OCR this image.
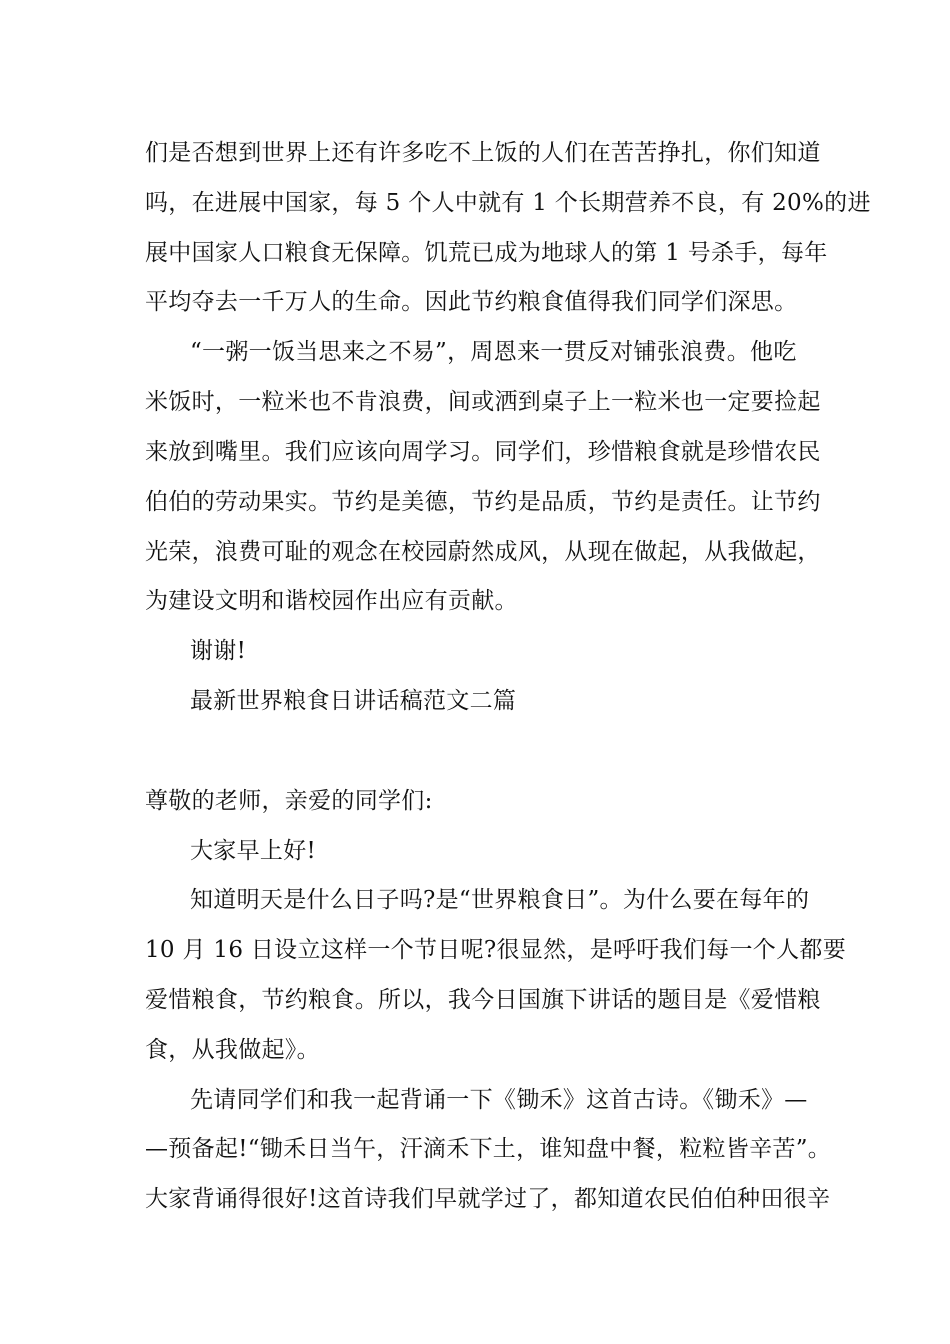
们是否想到世界上还有许多吃不上饭的人们在苦苦挣扎，你们知道
吗，在进展中国家，每 5 个人中就有 1 个长期营养不良，有 20%的进
展中国家人口粮食无保障。饥荒已成为地球人的第 1 号杀手，每年
平均夺去一千万人的生命。因此节约粮食值得我们同学们深思。
“一粥一饭当思来之不易”，周恩来一贯反对铺张浪费。他吃
米饭时，一粒米也不肯浪费，间或洒到桌子上一粒米也一定要捡起
来放到嘴里。我们应该向周学习。同学们，珍惜粮食就是珍惜农民
伯伯的劳动果实。节约是美德，节约是品质，节约是责任。让节约
光荣，浪费可耻的观念在校园蔚然成风，从现在做起，从我做起，
为建设文明和谐校园作出应有贡献。
谢谢!
最新世界粮食日讲话稿范文二篇
尊敬的老师，亲爱的同学们:
大家早上好!
知道明天是什么日子吗?是“世界粮食日”。为什么要在每年的
10 月 16 日设立这样一个节日呢?很显然，是呼吁我们每一个人都要
爱惜粮食，节约粮食。所以，我今日国旗下讲话的题目是《爱惜粮
食，从我做起》。
先请同学们和我一起背诵一下《锄禾》这首古诗。《锄禾》—
—预备起!“锄禾日当午，汗滴禾下土，谁知盘中餐，粒粒皆辛苦”。
大家背诵得很好!这首诗我们早就学过了，都知道农民伯伯种田很辛
